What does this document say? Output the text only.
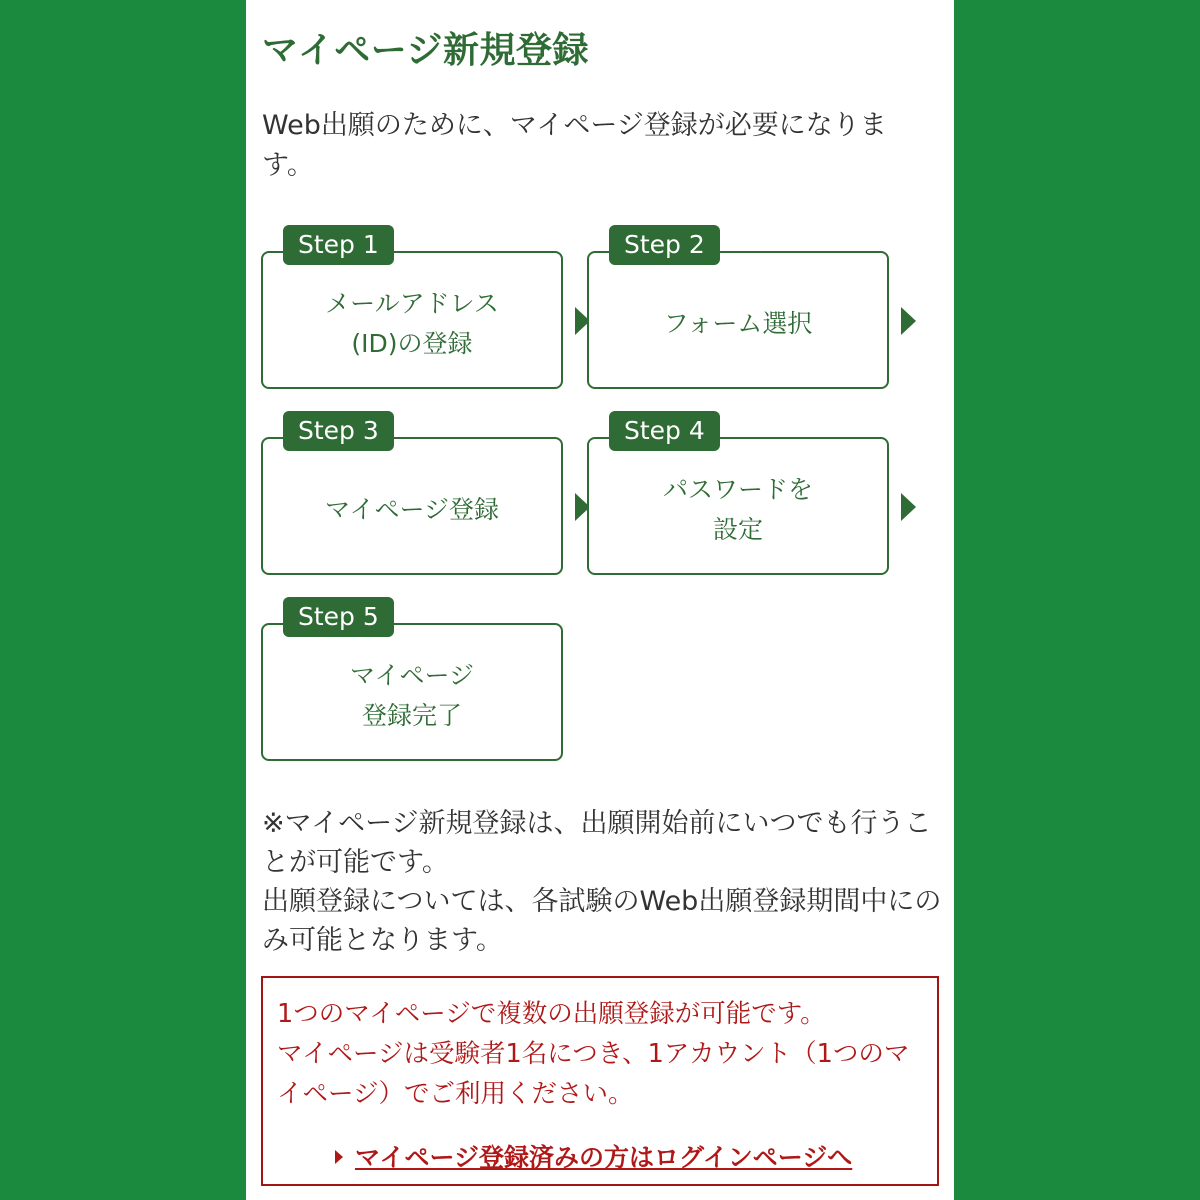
マイページ新規登録

Web出願のために、マイページ登録が必要になります。

Step 1
メールアドレス
(ID)の登録
Step 2
フォーム選択
Step 3
マイページ登録
Step 4
パスワードを
設定
Step 5
マイページ
登録完了

※マイページ新規登録は、出願開始前にいつでも行うことが可能です。

出願登録については、各試験のWeb出願登録期間中にのみ可能となります。

1つのマイページで複数の出願登録が可能です。
マイページは受験者1名につき、1アカウント（1つのマイページ）でご利用ください。
マイページ登録済みの方はログインページへ
